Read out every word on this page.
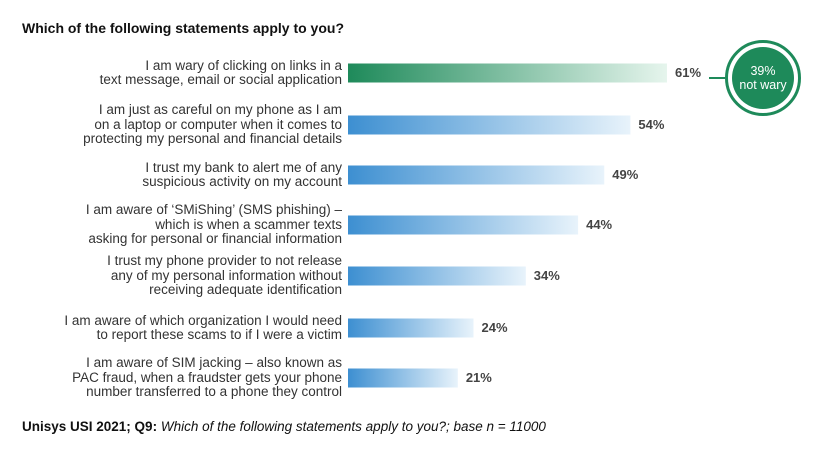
Which of the following statements apply to you?
I am wary of clicking on links in a
text message, email or social application
I am just as careful on my phone as I am
on a laptop or computer when it comes to
protecting my personal and financial details
I trust my bank to alert me of any
suspicious activity on my account
I am aware of ‘SMiShing’ (SMS phishing) –
which is when a scammer texts
asking for personal or financial information
I trust my phone provider to not release
any of my personal information without
receiving adequate identification
I am aware of which organization I would need
to report these scams to if I were a victim
I am aware of SIM jacking – also known as
PAC fraud, when a fraudster gets your phone
number transferred to a phone they control
61%
54%
49%
44%
34%
24%
21%
39%
not wary
Unisys USI 2021; Q9: Which of the following statements apply to you?; base n = 11000
